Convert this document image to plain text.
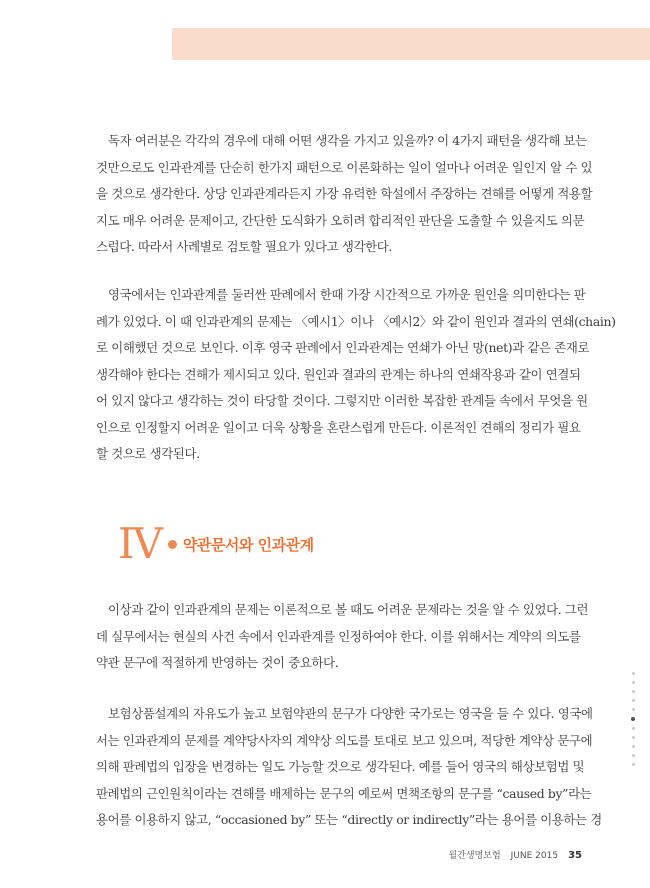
독자 여러분은 각각의 경우에 대해 어떤 생각을 가지고 있을까? 이 4가지 패턴을 생각해 보는
것만으로도 인과관계를 단순히 한가지 패턴으로 이론화하는 일이 얼마나 어려운 일인지 알 수 있
을 것으로 생각한다. 상당 인과관계라든지 가장 유력한 학설에서 주장하는 견해를 어떻게 적용할
지도 매우 어려운 문제이고, 간단한 도식화가 오히려 합리적인 판단을 도출할 수 있을지도 의문
스럽다. 따라서 사례별로 검토할 필요가 있다고 생각한다.

영국에서는 인과관계를 둘러싼 판례에서 한때 가장 시간적으로 가까운 원인을 의미한다는 판
례가 있었다. 이 때 인과관계의 문제는 〈예시1〉이나 〈예시2〉와 같이 원인과 결과의 연쇄(chain)
로 이해했던 것으로 보인다. 이후 영국 판례에서 인과관계는 연쇄가 아닌 망(net)과 같은 존재로
생각해야 한다는 견해가 제시되고 있다. 원인과 결과의 관계는 하나의 연쇄작용과 같이 연결되
어 있지 않다고 생각하는 것이 타당할 것이다. 그렇지만 이러한 복잡한 관계들 속에서 무엇을 원
인으로 인정할지 어려운 일이고 더욱 상황을 혼란스럽게 만든다. 이론적인 견해의 정리가 필요
할 것으로 생각된다.

IV 약관문서와 인과관계

이상과 같이 인과관계의 문제는 이론적으로 볼 때도 어려운 문제라는 것을 알 수 있었다. 그런
데 실무에서는 현실의 사건 속에서 인과관계를 인정하여야 한다. 이를 위해서는 계약의 의도를
약관 문구에 적절하게 반영하는 것이 중요하다.

보험상품설계의 자유도가 높고 보험약관의 문구가 다양한 국가로는 영국을 들 수 있다. 영국에
서는 인과관계의 문제를 계약당사자의 계약상 의도를 토대로 보고 있으며, 적당한 계약상 문구에
의해 판례법의 입장을 변경하는 일도 가능할 것으로 생각된다. 예를 들어 영국의 해상보험법 및
판례법의 근인원칙이라는 견해를 배제하는 문구의 예로써 면책조항의 문구를 “caused by”라는
용어를 이용하지 않고, “occasioned by” 또는 “directly or indirectly”라는 용어를 이용하는 경

월간생명보험 JUNE 2015 35
